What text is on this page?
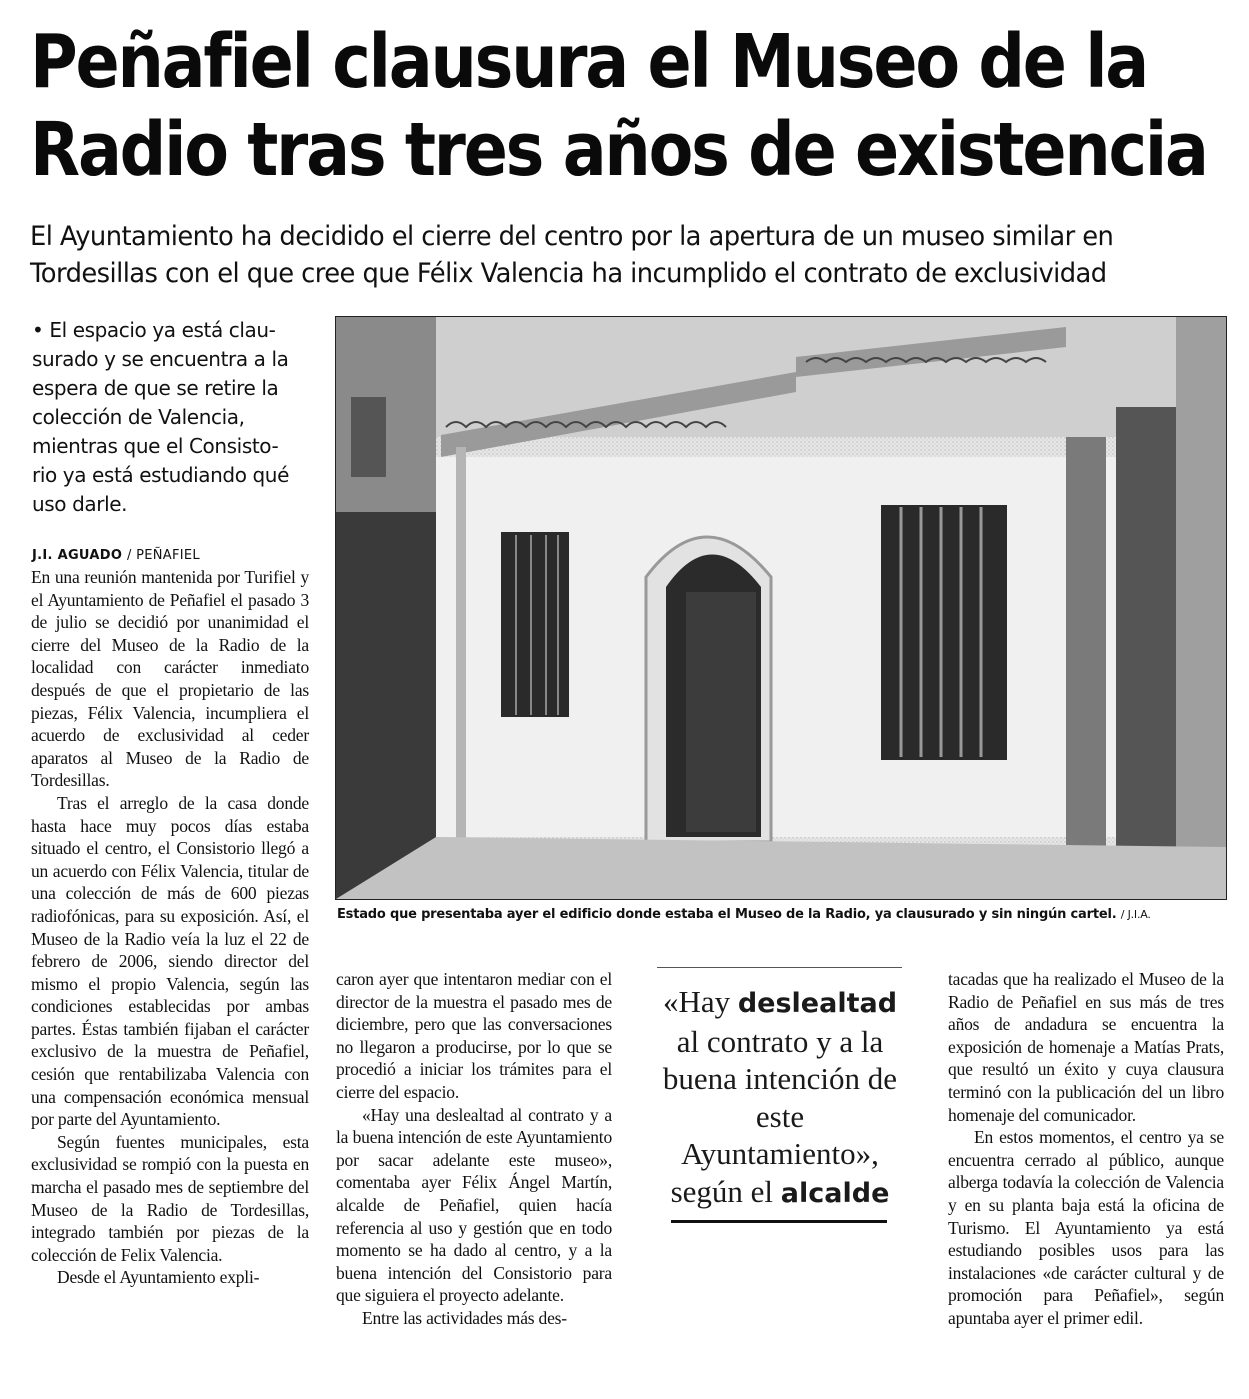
Peñafiel clausura el Museo de la
Radio tras tres años de existencia
El Ayuntamiento ha decidido el cierre del centro por la apertura de un museo similar en
Tordesillas con el que cree que Félix Valencia ha incumplido el contrato de exclusividad
• El espacio ya está clau-
surado y se encuentra a la
espera de que se retire la
colección de Valencia,
mientras que el Consisto-
rio ya está estudiando qué
uso darle.
J.I. AGUADO / PEÑAFIEL

En una reunión mantenida por Turifiel y el Ayuntamiento de Peñafiel el pasado 3 de julio se decidió por unanimidad el cierre del Museo de la Radio de la localidad con carácter inmediato después de que el propietario de las piezas, Félix Valencia, incumpliera el acuerdo de exclusividad al ceder aparatos al Museo de la Radio de Tordesillas.

Tras el arreglo de la casa donde hasta hace muy pocos días estaba situado el centro, el Consistorio llegó a un acuerdo con Félix Valencia, titular de una colección de más de 600 piezas radiofónicas, para su exposición. Así, el Museo de la Radio veía la luz el 22 de febrero de 2006, siendo director del mismo el propio Valencia, según las condiciones establecidas por ambas partes. Éstas también fijaban el carácter exclusivo de la muestra de Peñafiel, cesión que rentabilizaba Valencia con una compensación económica mensual por parte del Ayuntamiento.

Según fuentes municipales, esta exclusividad se rompió con la puesta en marcha el pasado mes de septiembre del Museo de la Radio de Tordesillas, integrado también por piezas de la colección de Felix Valencia.

Desde el Ayuntamiento expli-

Estado que presentaba ayer el edificio donde estaba el Museo de la Radio, ya clausurado y sin ningún cartel. / J.I.A.

caron ayer que intentaron mediar con el director de la muestra el pasado mes de diciembre, pero que las conversaciones no llegaron a producirse, por lo que se procedió a iniciar los trámites para el cierre del espacio.

«Hay una deslealtad al contrato y a la buena intención de este Ayuntamiento por sacar adelante este museo», comentaba ayer Félix Ángel Martín, alcalde de Peñafiel, quien hacía referencia al uso y gestión que en todo momento se ha dado al centro, y a la buena intención del Consistorio para que siguiera el proyecto adelante.

Entre las actividades más des-

«Hay deslealtad al contrato y a la buena intención de este Ayuntamiento», según el alcalde

tacadas que ha realizado el Museo de la Radio de Peñafiel en sus más de tres años de andadura se encuentra la exposición de homenaje a Matías Prats, que resultó un éxito y cuya clausura terminó con la publicación del un libro homenaje del comunicador.

En estos momentos, el centro ya se encuentra cerrado al público, aunque alberga todavía la colección de Valencia y en su planta baja está la oficina de Turismo. El Ayuntamiento ya está estudiando posibles usos para las instalaciones «de carácter cultural y de promoción para Peñafiel», según apuntaba ayer el primer edil.
